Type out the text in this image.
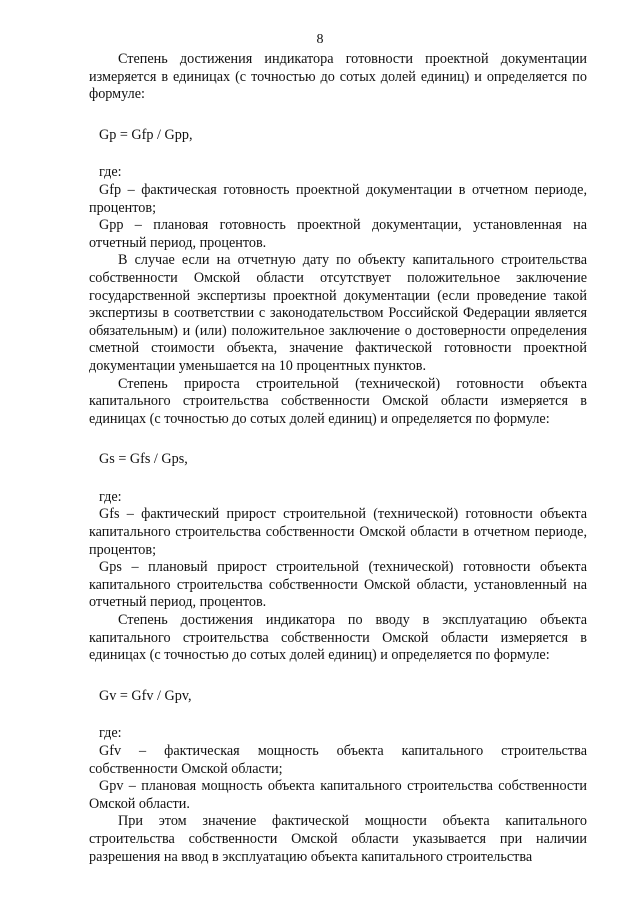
8

Степень достижения индикатора готовности проектной документации измеряется в единицах (с точностью до сотых долей единиц) и определяется по формуле:

Gp = Gfp / Gpp,

где:

Gfp – фактическая готовность проектной документации в отчетном периоде, процентов;

Gpp – плановая готовность проектной документации, установленная на отчетный период, процентов.

В случае если на отчетную дату по объекту капитального строительства собственности Омской области отсутствует положительное заключение государственной экспертизы проектной документации (если проведение такой экспертизы в соответствии с законодательством Российской Федерации является обязательным) и (или) положительное заключение о достоверности определения сметной стоимости объекта, значение фактической готовности проектной документации уменьшается на 10 процентных пунктов.

Степень прироста строительной (технической) готовности объекта капитального строительства собственности Омской области измеряется в единицах (с точностью до сотых долей единиц) и определяется по формуле:

Gs = Gfs / Gps,

где:

Gfs – фактический прирост строительной (технической) готовности объекта капитального строительства собственности Омской области в отчетном периоде, процентов;

Gps – плановый прирост строительной (технической) готовности объекта капитального строительства собственности Омской области, установленный на отчетный период, процентов.

Степень достижения индикатора по вводу в эксплуатацию объекта капитального строительства собственности Омской области измеряется в единицах (с точностью до сотых долей единиц) и определяется по формуле:

Gv = Gfv / Gpv,

где:

Gfv – фактическая мощность объекта капитального строительства собственности Омской области;

Gpv – плановая мощность объекта капитального строительства собственности Омской области.

При этом значение фактической мощности объекта капитального строительства собственности Омской области указывается при наличии разрешения на ввод в эксплуатацию объекта капитального строительства
